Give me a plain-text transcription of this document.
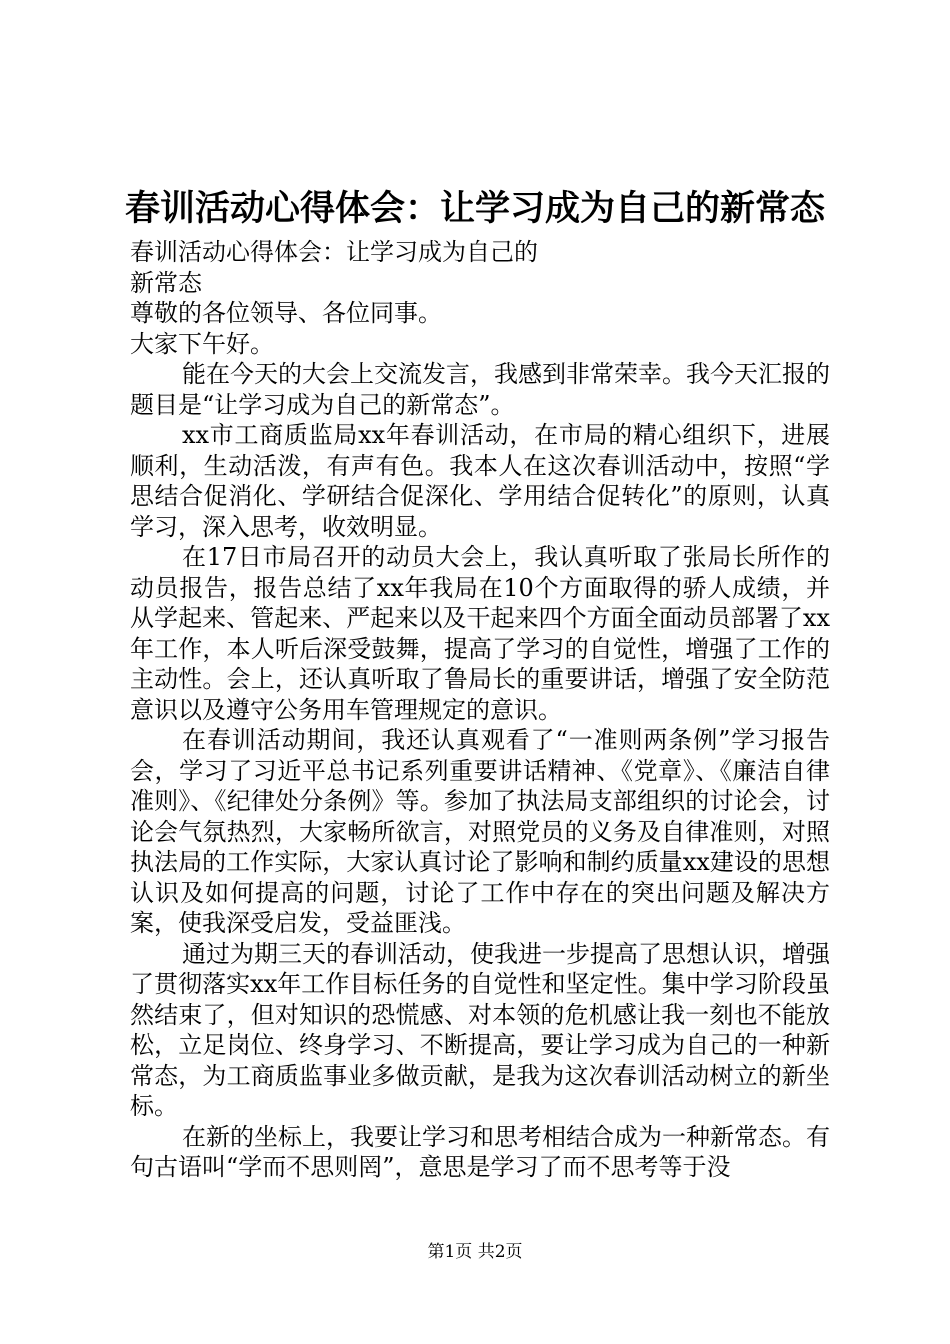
春训活动心得体会：让学习成为自己的新常态

春训活动心得体会：让学习成为自己的

新常态

尊敬的各位领导、各位同事。

大家下午好。

能在今天的大会上交流发言，我感到非常荣幸。我今天汇报的题目是“让学习成为自己的新常态”。

xx市工商质监局xx年春训活动，在市局的精心组织下，进展顺利，生动活泼，有声有色。我本人在这次春训活动中，按照“学思结合促消化、学研结合促深化、学用结合促转化”的原则，认真学习，深入思考，收效明显。

在17日市局召开的动员大会上，我认真听取了张局长所作的动员报告，报告总结了xx年我局在10个方面取得的骄人成绩，并从学起来、管起来、严起来以及干起来四个方面全面动员部署了xx年工作，本人听后深受鼓舞，提高了学习的自觉性，增强了工作的主动性。会上，还认真听取了鲁局长的重要讲话，增强了安全防范意识以及遵守公务用车管理规定的意识。

在春训活动期间，我还认真观看了“一准则两条例”学习报告会，学习了习近平总书记系列重要讲话精神、《党章》、《廉洁自律准则》、《纪律处分条例》等。参加了执法局支部组织的讨论会，讨论会气氛热烈，大家畅所欲言，对照党员的义务及自律准则，对照执法局的工作实际，大家认真讨论了影响和制约质量xx建设的思想认识及如何提高的问题，讨论了工作中存在的突出问题及解决方案，使我深受启发，受益匪浅。

通过为期三天的春训活动，使我进一步提高了思想认识，增强了贯彻落实xx年工作目标任务的自觉性和坚定性。集中学习阶段虽然结束了，但对知识的恐慌感、对本领的危机感让我一刻也不能放松，立足岗位、终身学习、不断提高，要让学习成为自己的一种新常态，为工商质监事业多做贡献，是我为这次春训活动树立的新坐标。

在新的坐标上，我要让学习和思考相结合成为一种新常态。有句古语叫“学而不思则罔”，意思是学习了而不思考等于没

第1页 共2页
